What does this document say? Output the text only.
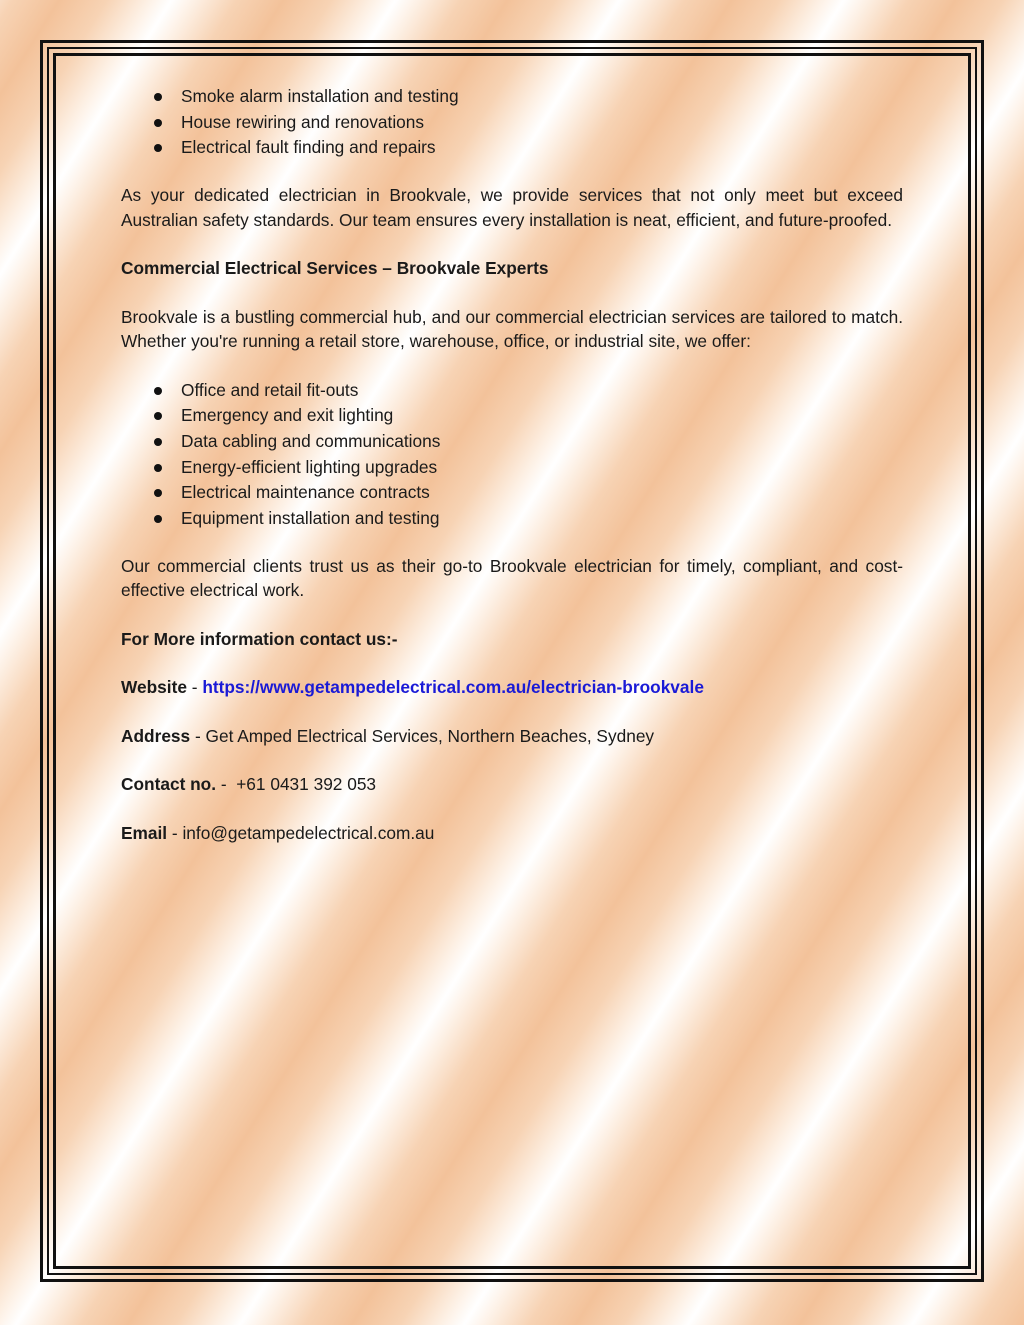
Smoke alarm installation and testing
House rewiring and renovations
Electrical fault finding and repairs

As your dedicated electrician in Brookvale, we provide services that not only meet but exceed Australian safety standards. Our team ensures every installation is neat, efficient, and future-proofed.

Commercial Electrical Services – Brookvale Experts

Brookvale is a bustling commercial hub, and our commercial electrician services are tailored to match. Whether you're running a retail store, warehouse, office, or industrial site, we offer:

Office and retail fit-outs
Emergency and exit lighting
Data cabling and communications
Energy-efficient lighting upgrades
Electrical maintenance contracts
Equipment installation and testing

Our commercial clients trust us as their go-to Brookvale electrician for timely, compliant, and cost-effective electrical work.

For More information contact us:-

Website - https://www.getampedelectrical.com.au/electrician-brookvale

Address - Get Amped Electrical Services, Northern Beaches, Sydney

Contact no. -  +61 0431 392 053

Email - info@getampedelectrical.com.au
